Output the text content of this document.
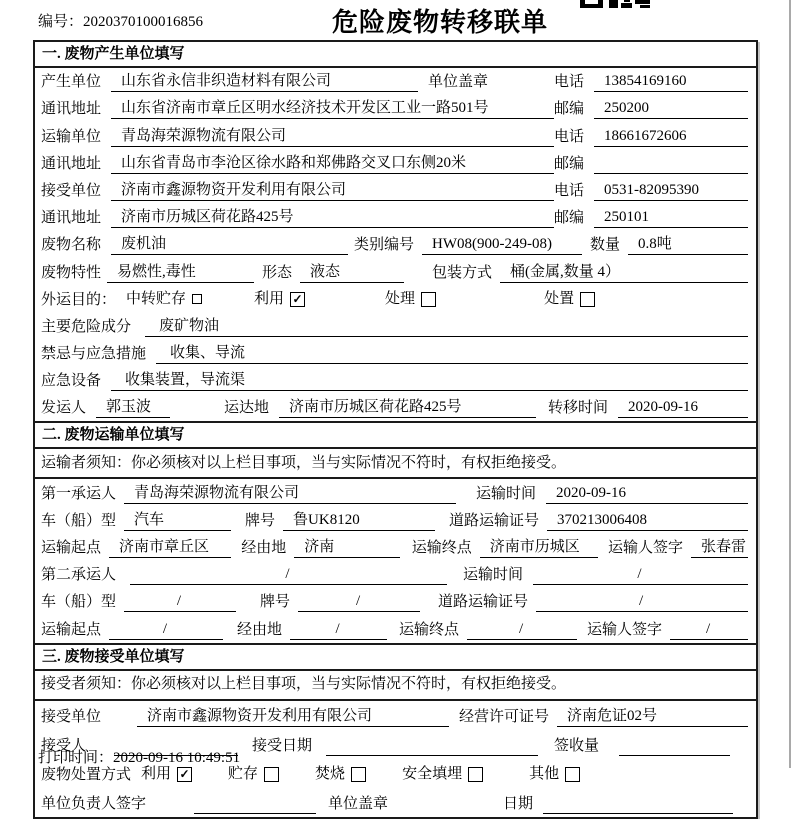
编号：2020370100016856	危险废物转移联单
一. 废物产生单位填写
产生单位	山东省永信非织造材料有限公司	单位盖章	电话	13854169160
通讯地址	山东省济南市章丘区明水经济技术开发区工业一路501号	邮编	250200
运输单位	青岛海荣源物流有限公司	电话	18661672606
通讯地址	山东省青岛市李沧区徐水路和郑佛路交叉口东侧20米	邮编
接受单位	济南市鑫源物资开发利用有限公司	电话	0531-82095390
通讯地址	济南市历城区荷花路425号	邮编	250101
废物名称	废机油	类别编号	HW08(900-249-08)	数量	0.8吨
废物特性	易燃性,毒性	形态	液态	包装方式	桶(金属,数量 4）
外运目的： 中转贮存	利用 ✓	处理	处置
主要危险成分	废矿物油
禁忌与应急措施	收集、导流
应急设备	收集装置，导流渠
发运人	郭玉波	运达地	济南市历城区荷花路425号	转移时间	2020-09-16
二. 废物运输单位填写
运输者须知：你必须核对以上栏目事项，当与实际情况不符时，有权拒绝接受。
第一承运人	青岛海荣源物流有限公司	运输时间	2020-09-16
车（船）型	汽车	牌号	鲁UK8120	道路运输证号	370213006408
运输起点	济南市章丘区	经由地	济南	运输终点	济南市历城区	运输人签字	张春雷
第二承运人	/	运输时间	/
车（船）型	/	牌号	/	道路运输证号	/
运输起点	/	经由地	/	运输终点	/	运输人签字	/
三. 废物接受单位填写
接受者须知：你必须核对以上栏目事项，当与实际情况不符时，有权拒绝接受。
接受单位	济南市鑫源物资开发利用有限公司	经营许可证号	济南危证02号
接受人	接受日期	签收量
废物处置方式 利用 ✓	贮存	焚烧	安全填埋	其他
单位负责人签字	单位盖章	日期
打印时间：2020-09-16 10:49:51
